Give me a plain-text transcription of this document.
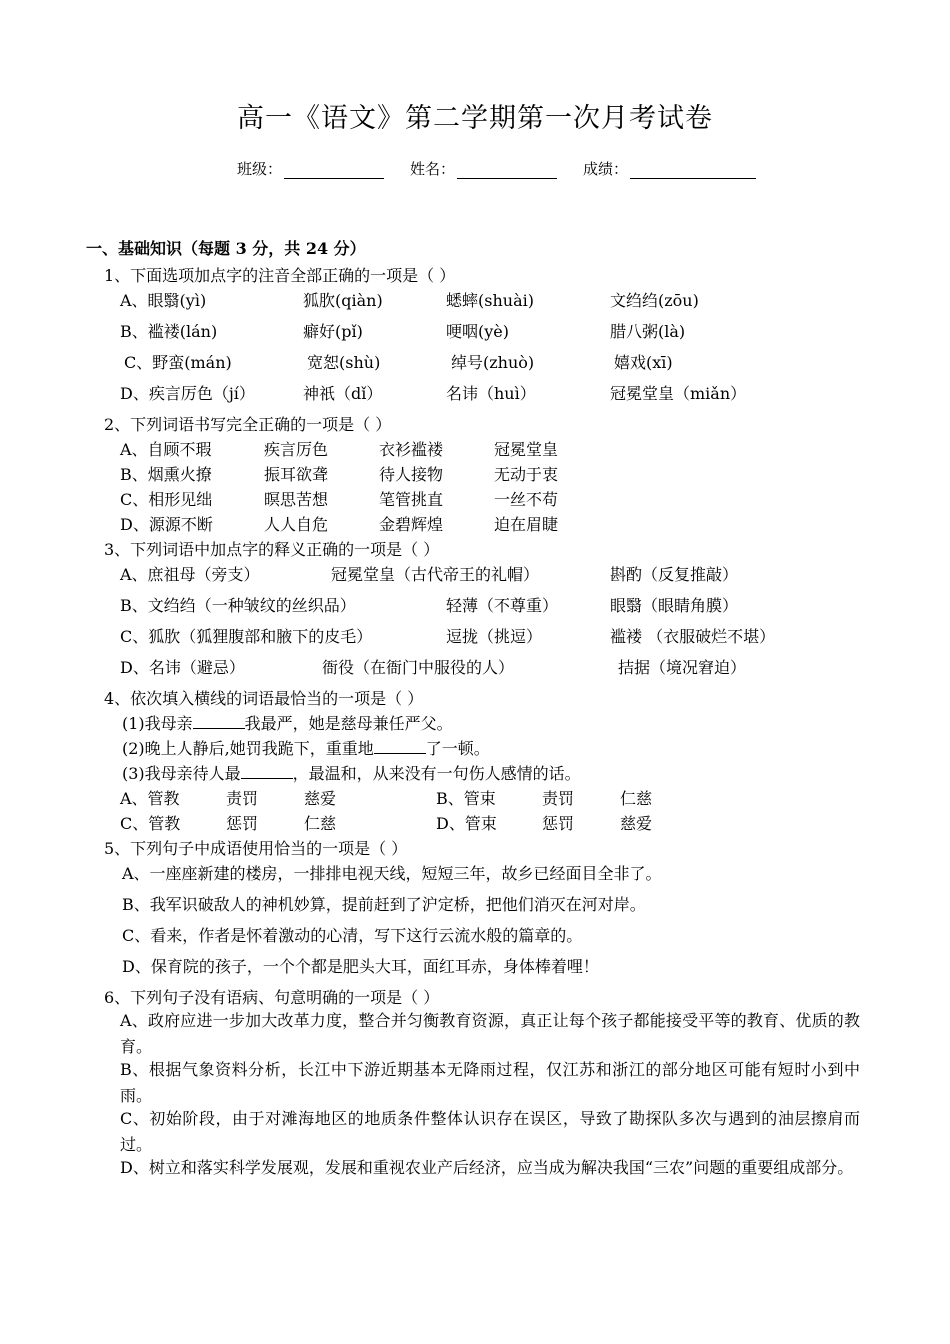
高一《语文》第二学期第一次月考试卷
班级：	姓名：	成绩：
一、基础知识（每题 3 分，共 24 分）
1、下面选项加点字的注音全部正确的一项是（ ）
A、眼翳(yì)	狐肷(qiàn)	蟋蟀(shuài)	文绉绉(zōu)
B、褴褛(lán)	癖好(pǐ)	哽咽(yè)	腊八粥(là)
C、野蛮(mán)	宽恕(shù)	绰号(zhuò)	嬉戏(xī)
D、疾言厉色（jí）	神祇（dǐ）	名讳（huì）	冠冕堂皇（miǎn）
2、下列词语书写完全正确的一项是（ ）
A、自顾不瑕	疾言厉色	衣衫褴褛	冠冕堂皇
B、烟熏火撩	振耳欲聋	待人接物	无动于衷
C、相形见绌	暝思苦想	笔管挑直	一丝不苟
D、源源不断	人人自危	金碧辉煌	迫在眉睫
3、下列词语中加点字的释义正确的一项是（ ）
A、庶祖母（旁支）	冠冕堂皇（古代帝王的礼帽）	斟酌（反复推敲）
B、文绉绉（一种皱纹的丝织品）	轻薄（不尊重）	眼翳（眼睛角膜）
C、狐肷（狐狸腹部和腋下的皮毛）	逗拢（挑逗）	褴褛 （衣服破烂不堪）
D、名讳（避忌）	衙役（在衙门中服役的人）	拮据（境况窘迫）
4、依次填入横线的词语最恰当的一项是（ ）
(1)我母亲	我最严，她是慈母兼任严父。
(2)晚上人静后,她罚我跪下，重重地	了一顿。
(3)我母亲待人最	，最温和，从来没有一句伤人感情的话。
A、管教	责罚	慈爱	B、管束	责罚	仁慈
C、管教	惩罚	仁慈	D、管束	惩罚	慈爱
5、下列句子中成语使用恰当的一项是（ ）
A、一座座新建的楼房，一排排电视天线，短短三年，故乡已经面目全非了。
B、我军识破敌人的神机妙算，提前赶到了沪定桥，把他们消灭在河对岸。
C、看来，作者是怀着激动的心清，写下这行云流水般的篇章的。
D、保育院的孩子，一个个都是肥头大耳，面红耳赤，身体棒着哩！
6、下列句子没有语病、句意明确的一项是（ ）
A、政府应进一步加大改革力度，整合并匀衡教育资源，真正让每个孩子都能接受平等的教育、优质的教育。
B、根据气象资料分析，长江中下游近期基本无降雨过程，仅江苏和浙江的部分地区可能有短时小到中雨。
C、初始阶段，由于对滩海地区的地质条件整体认识存在误区，导致了勘探队多次与遇到的油层擦肩而过。
D、树立和落实科学发展观，发展和重视农业产后经济，应当成为解决我国“三农”问题的重要组成部分。
